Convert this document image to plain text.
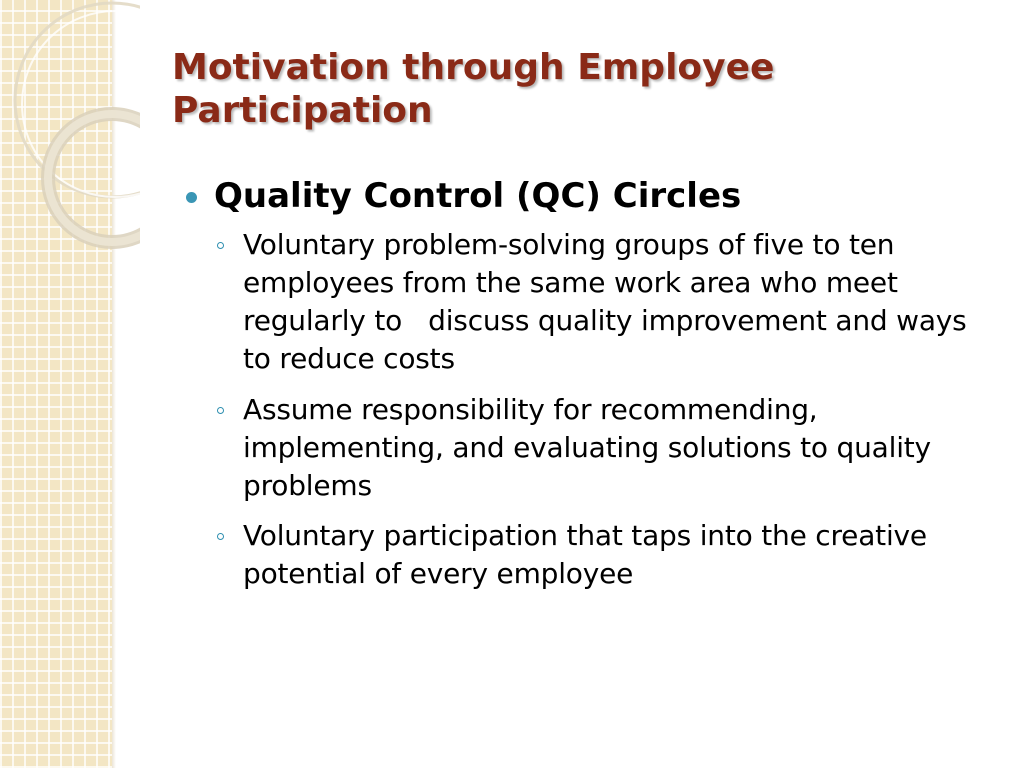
Motivation through Employee Participation
Quality Control (QC) Circles
Voluntary problem-solving groups of five to ten employees from the same work area who meet regularly to   discuss quality improvement and ways to reduce costs
Assume responsibility for recommending, implementing, and evaluating solutions to quality problems
Voluntary participation that taps into the creative potential of every employee
